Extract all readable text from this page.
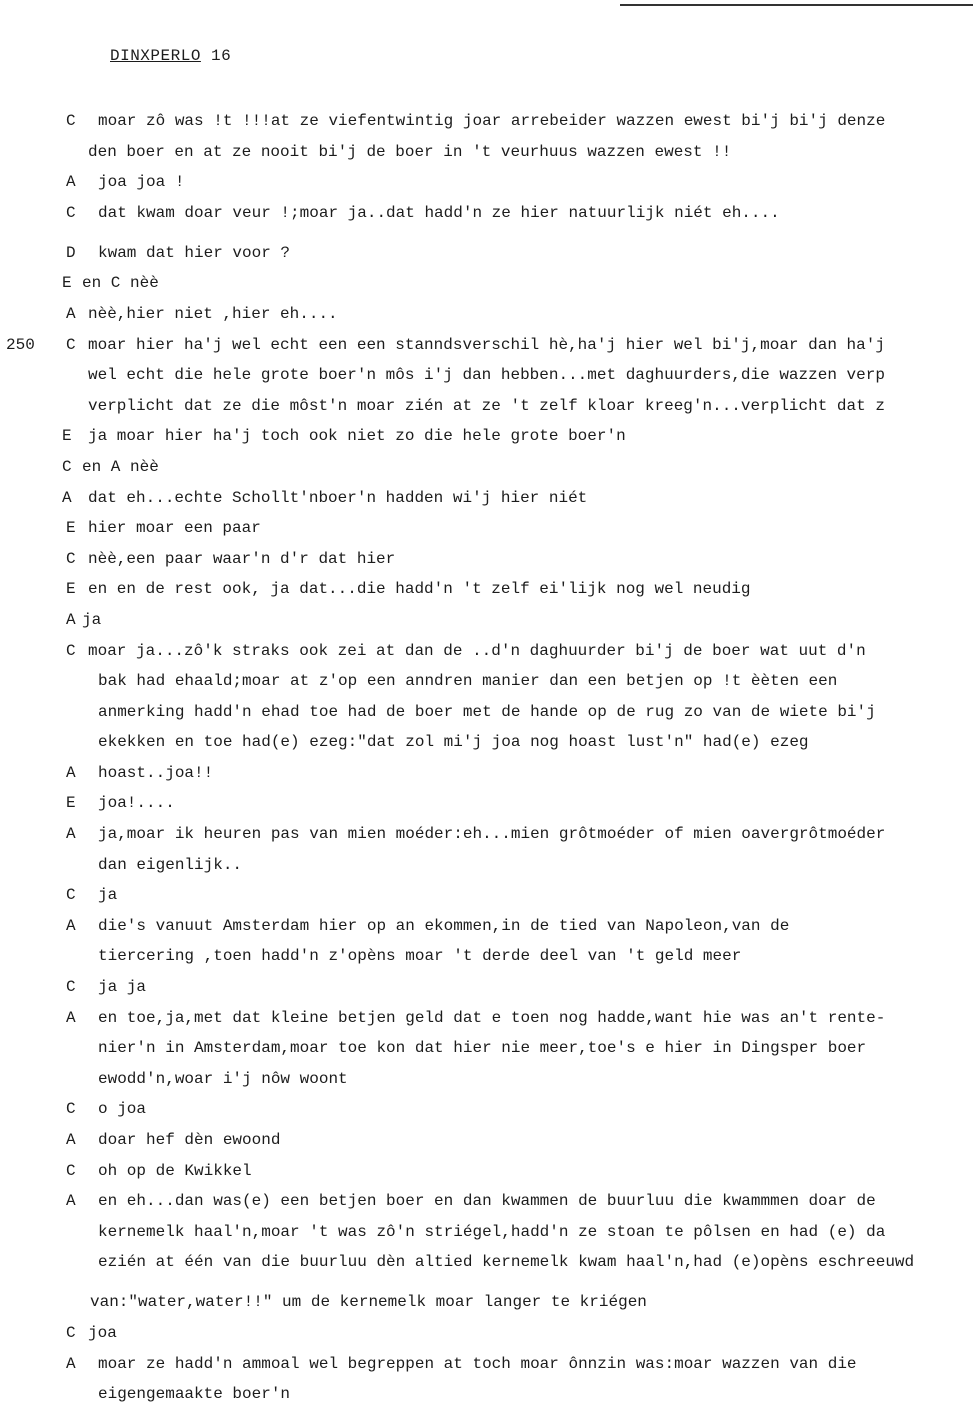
DINXPERLO 16
C moar zô was !t !!!at ze viefentwintig joar arrebeider wazzen ewest bi'j bi'j denze
den boer en at ze nooit bi'j de boer in 't veurhuus wazzen ewest !!
A joa joa !
C dat kwam doar veur !;moar ja..dat hadd'n ze hier natuurlijk niét eh....
D kwam dat hier voor ?
E en C nèè
A nèè,hier niet ,hier eh....
250 C moar hier ha'j wel echt een een stanndsverschil hè,ha'j hier wel bi'j,moar dan ha'j
wel echt die hele grote boer'n môs i'j dan hebben...met daghuurders,die wazzen verp
verplicht dat ze die môst'n moar zién at ze 't zelf kloar kreeg'n...verplicht dat z
E ja moar hier ha'j toch ook niet zo die hele grote boer'n
C en A nèè
A dat eh...echte Schollt'nboer'n hadden wi'j hier niét
E hier moar een paar
C nèè,een paar waar'n d'r dat hier
E en en de rest ook, ja dat...die hadd'n 't zelf ei'lijk nog wel neudig
A ja
C moar ja...zô'k straks ook zei at dan de ..d'n daghuurder bi'j de boer wat uut d'n
bak had ehaald;moar at z'op een anndren manier dan een betjen op !t èèten een
anmerking hadd'n ehad toe had de boer met de hande op de rug zo van de wiete bi'j
ekekken en toe had(e) ezeg:"dat zol mi'j joa nog hoast lust'n" had(e) ezeg
A hoast..joa!!
E joa!....
A ja,moar ik heuren pas van mien moéder:eh...mien grôtmoéder of mien oavergrôtmoéder
dan eigenlijk..
C ja
A die's vanuut Amsterdam hier op an ekommen,in de tied van Napoleon,van de
tiercering ,toen hadd'n z'opèns moar 't derde deel van 't geld meer
C ja ja
A en toe,ja,met dat kleine betjen geld dat e toen nog hadde,want hie was an't rente-
nier'n in Amsterdam,moar toe kon dat hier nie meer,toe's e hier in Dingsper boer
ewodd'n,woar i'j nôw woont
C o joa
A doar hef dèn ewoond
C oh op de Kwikkel
A en eh...dan was(e) een betjen boer en dan kwammen de buurluu die kwammmen doar de
kernemelk haal'n,moar 't was zô'n striégel,hadd'n ze stoan te pôlsen en had (e) da
ezién at één van die buurluu dèn altied kernemelk kwam haal'n,had (e)opèns eschreeuwd
van:"water,water!!" um de kernemelk moar langer te kriégen
C joa
A moar ze hadd'n ammoal wel begreppen at toch moar ônnzin was:moar wazzen van die
eigengemaakte boer'n
